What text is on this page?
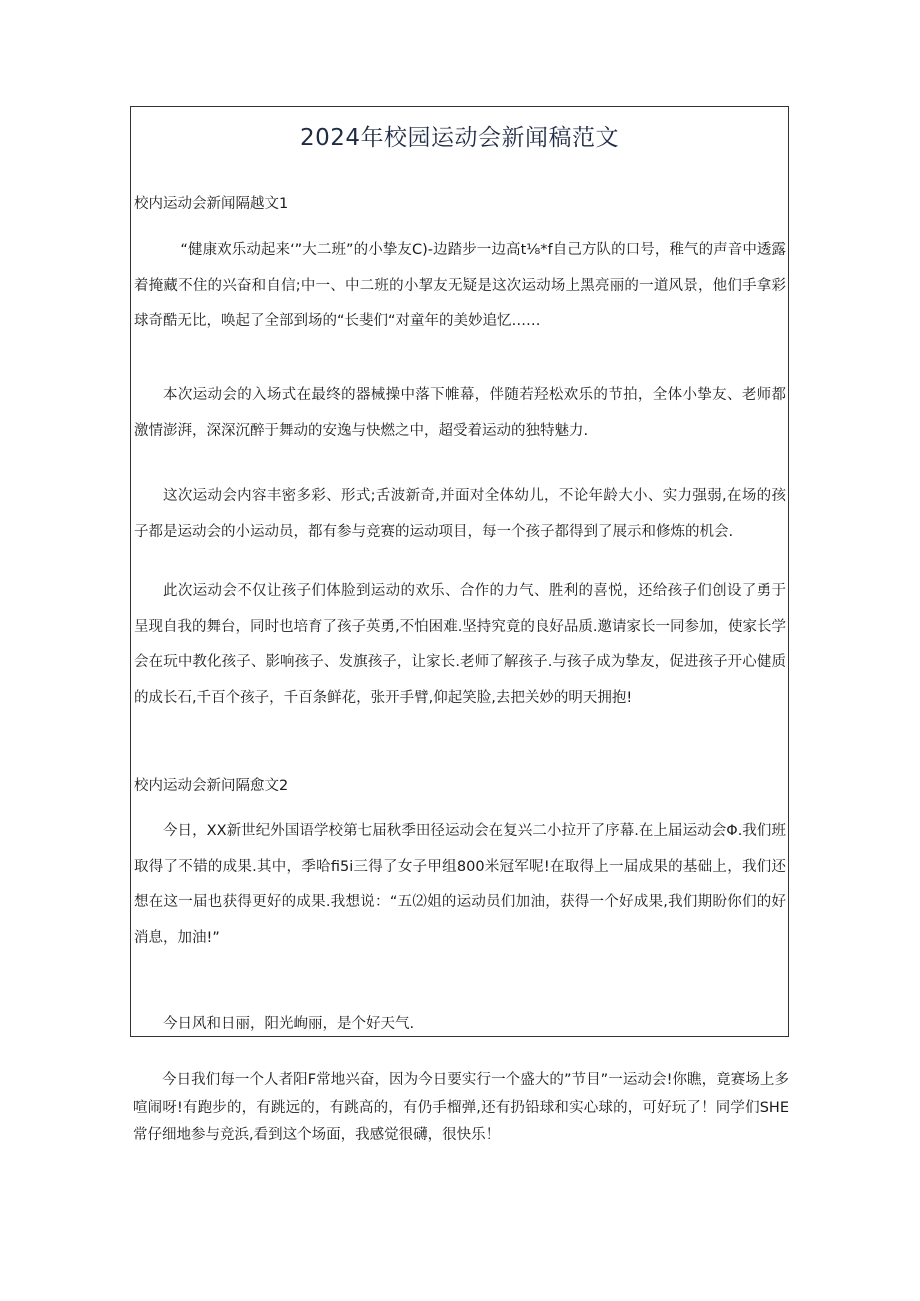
2024年校园运动会新闻稿范文
校内运动会新闻隔越文1

“健康欢乐动起来‘”大二班”的小挚友C)-边踏步一边高t⅛*f自己方队的口号，稚气的声音中透露着掩藏不住的兴奋和自信;中一、中二班的小挈友无疑是这次运动场上黑亮丽的一道风景，他们手拿彩球奇酷无比，唤起了全部到场的“长斐们“对童年的美妙追忆……

本次运动会的入场式在最终的器械操中落下帷幕，伴随若羟松欢乐的节拍，全体小挚友、老师都激情澎湃，深深沉醉于舞动的安逸与快燃之中，超受着运动的独特魅力.

这次运动会内容丰密多彩、形式;舌波新奇,并面对全体幼儿，不论年龄大小、实力强弱,在场的孩子都是运动会的小运动员，都有参与竞赛的运动项目，每一个孩子都得到了展示和修炼的机会.

此次运动会不仅让孩子们体脸到运动的欢乐、合作的力气、胜利的喜悦，还给孩子们创设了勇于呈现自我的舞台，同时也培育了孩子英勇,不怕困难.坚持究竟的良好品质.邀请家长一同参加，使家长学会在玩中教化孩子、影响孩子、发旗孩子，让家长.老师了解孩子.与孩子成为挚友，促进孩子开心健质的成长石,千百个孩子，千百条鲜花，张开手臂,仰起笑脸,去把关妙的明天拥抱!

校内运动会新问隔愈文2

今日，XX新世纪外国语学校第七届秋季田径运动会在复兴二小拉开了序幕.在上届运动会Φ.我们班取得了不错的成果.其中，季哈fi5i三得了女子甲组800米冠军呢!在取得上一届成果的基础上，我们还想在这一届也获得更好的成果.我想说：“五⑵姐的运动员们加油，获得一个好成果,我们期盼你们的好消息，加油!”

今日风和日丽，阳光峋丽，是个好天气.

今日我们每一个人者阳F常地兴奋，因为今日要实行一个盛大的”节目”一运动会!你瞧，竟赛场上多喧闹呀!有跑步的，有跳远的，有跳高的，有仍手榴弹,还有扔铅球和实心球的，可好玩了！同学们SHE常仔细地参与竞浜,看到这个场面，我感觉很礴，很快乐！
